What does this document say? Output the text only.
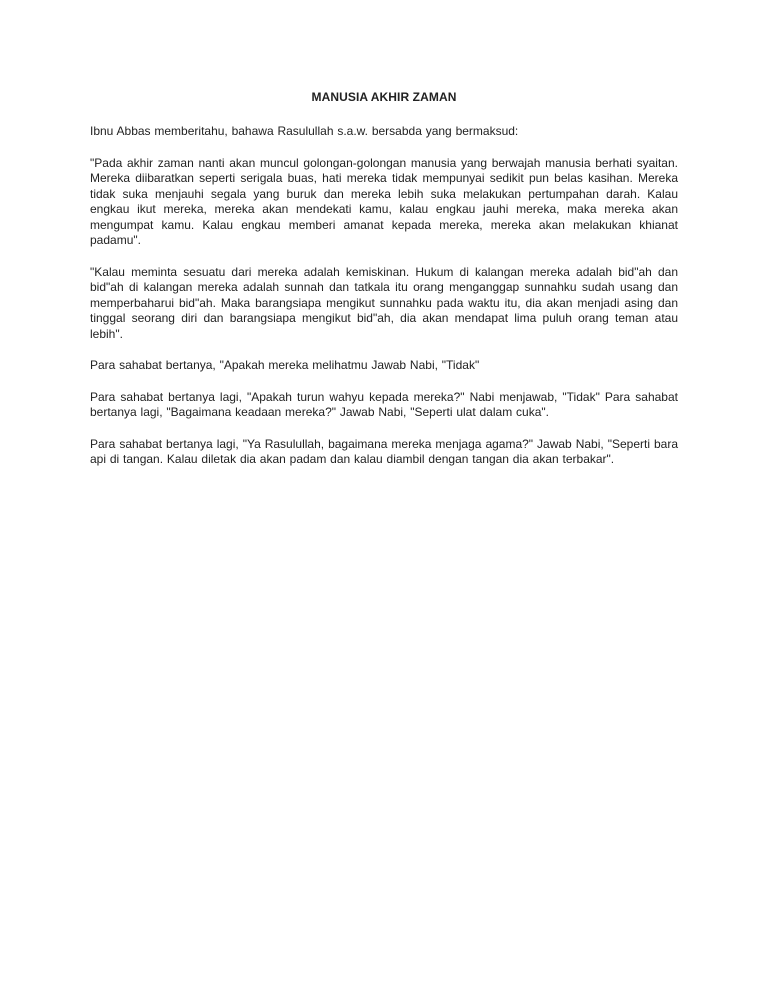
MANUSIA AKHIR ZAMAN

Ibnu Abbas memberitahu, bahawa Rasulullah s.a.w. bersabda yang bermaksud:

"Pada akhir zaman nanti akan muncul golongan-golongan manusia yang berwajah manusia berhati syaitan. Mereka diibaratkan seperti serigala buas, hati mereka tidak mempunyai sedikit pun belas kasihan. Mereka tidak suka menjauhi segala yang buruk dan mereka lebih suka melakukan pertumpahan darah. Kalau engkau ikut mereka, mereka akan mendekati kamu, kalau engkau jauhi mereka, maka mereka akan mengumpat kamu. Kalau engkau memberi amanat kepada mereka, mereka akan melakukan khianat padamu".

"Kalau meminta sesuatu dari mereka adalah kemiskinan. Hukum di kalangan mereka adalah bid"ah dan bid"ah di kalangan mereka adalah sunnah dan tatkala itu orang menganggap sunnahku sudah usang dan memperbaharui bid"ah. Maka barangsiapa mengikut sunnahku pada waktu itu, dia akan menjadi asing dan tinggal seorang diri dan barangsiapa mengikut bid"ah, dia akan mendapat lima puluh orang teman atau lebih".

Para sahabat bertanya, "Apakah mereka melihatmu Jawab Nabi, "Tidak"

Para sahabat bertanya lagi, "Apakah turun wahyu kepada mereka?" Nabi menjawab, "Tidak" Para sahabat bertanya lagi, "Bagaimana keadaan mereka?" Jawab Nabi, "Seperti ulat dalam cuka".

Para sahabat bertanya lagi, "Ya Rasulullah, bagaimana mereka menjaga agama?" Jawab Nabi, "Seperti bara api di tangan. Kalau diletak dia akan padam dan kalau diambil dengan tangan dia akan terbakar".
